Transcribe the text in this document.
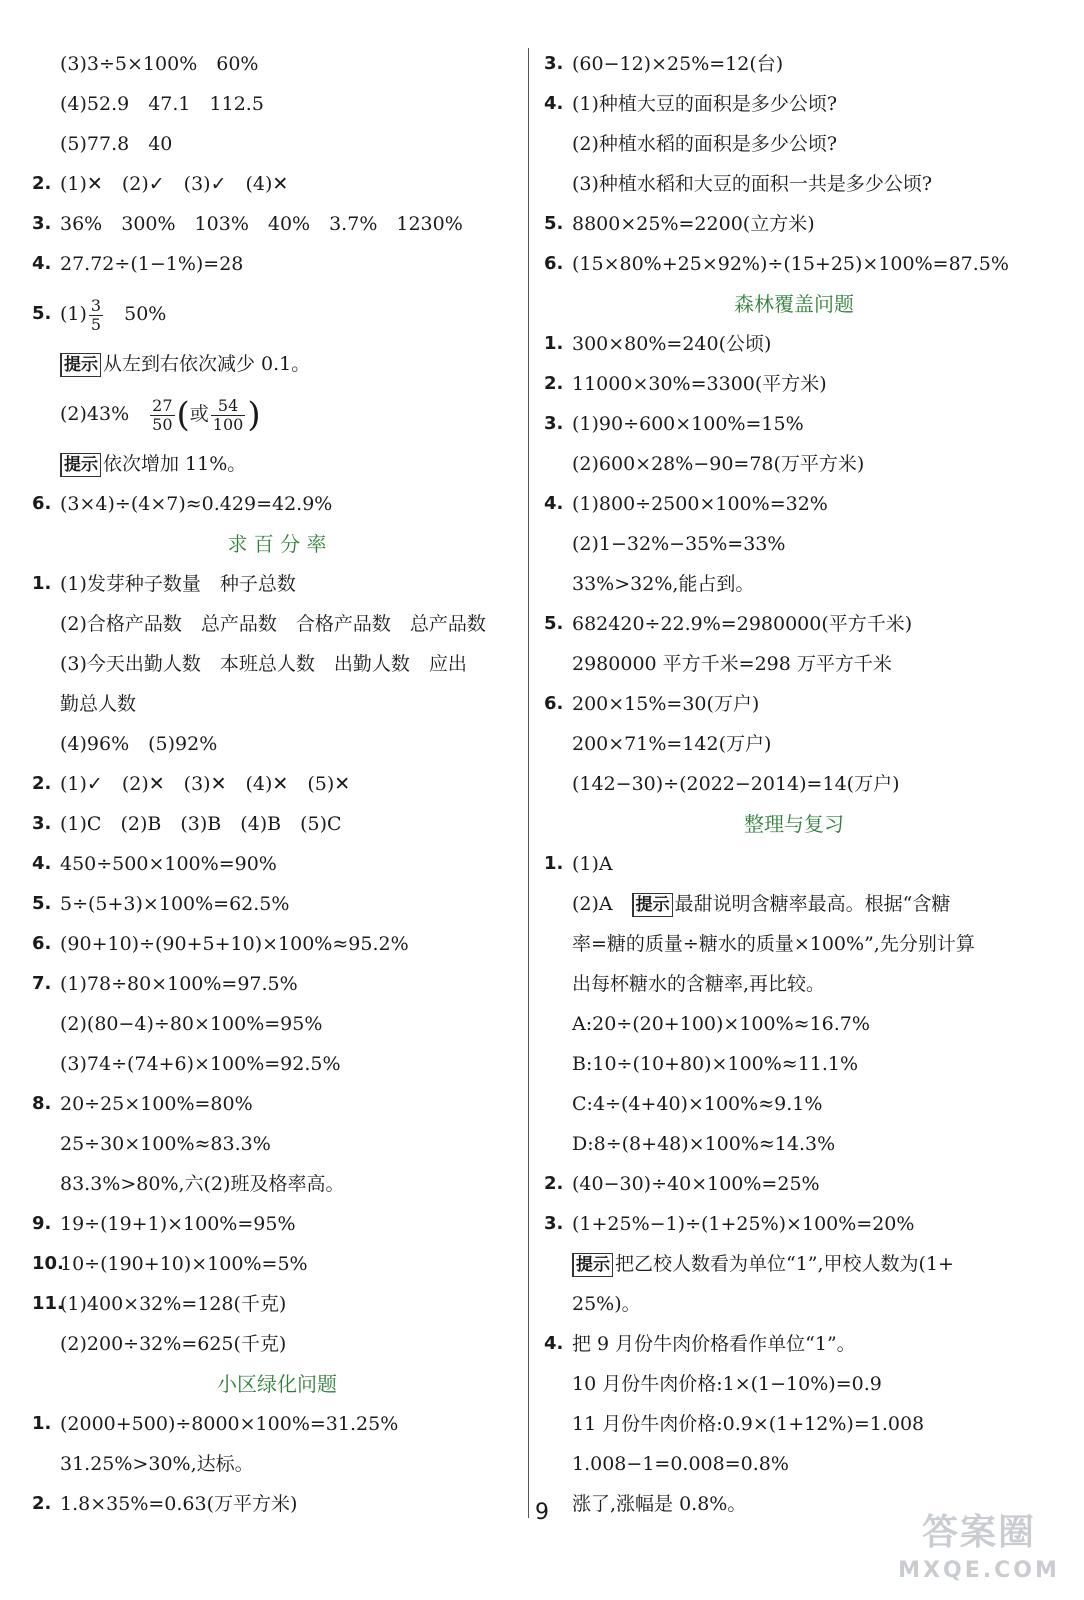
(3)3÷5×100%　60%
(4)52.9　47.1　112.5
(5)77.8　40
2. (1)✕　(2)✓　(3)✓　(4)✕
3. 36%　300%　103%　40%　3.7%　1230%
4. 27.72÷(1−1%)=28
5. $(1) \frac{3}{5}$ 　50%
提示 从左到右依次减少 0.1。
(2)43%　 $\frac{27}{50}$ (或 $\frac{54}{100}$ )
提示 依次增加 11%。
6. (3×4)÷(4×7)≈0.429=42.9%
求 百 分 率
1. (1)发芽种子数量　种子总数
(2)合格产品数　总产品数　合格产品数　总产品数
(3)今天出勤人数　本班总人数　出勤人数　应出
勤总人数
(4)96%　(5)92%
2. (1)✓　(2)✕　(3)✕　(4)✕　(5)✕
3. (1)C　(2)B　(3)B　(4)B　(5)C
4. 450÷500×100%=90%
5. 5÷(5+3)×100%=62.5%
6. (90+10)÷(90+5+10)×100%≈95.2%
7. (1)78÷80×100%=97.5%
(2)(80−4)÷80×100%=95%
(3)74÷(74+6)×100%=92.5%
8. 20÷25×100%=80%
25÷30×100%≈83.3%
83.3%>80%,六(2)班及格率高。
9. 19÷(19+1)×100%=95%
10.
10÷(190+10)×100%=5%
11.
(1)400×32%=128(千克)
(2)200÷32%=625(千克)
小区绿化问题
1. (2000+500)÷8000×100%=31.25%
31.25%>30%,达标。
2. 1.8×35%=0.63(万平方米)
3. (60−12)×25%=12(台)
4. (1)种植大豆的面积是多少公顷?
(2)种植水稻的面积是多少公顷?
(3)种植水稻和大豆的面积一共是多少公顷?
5. 8800×25%=2200(立方米)
6. (15×80%+25×92%)÷(15+25)×100%=87.5%
森林覆盖问题
1. 300×80%=240(公顷)
2. 11000×30%=3300(平方米)
3. (1)90÷600×100%=15%
(2)600×28%−90=78(万平方米)
4. (1)800÷2500×100%=32%
(2)1−32%−35%=33%
33%>32%,能占到。
5. 682420÷22.9%=2980000(平方千米)
2980000 平方千米=298 万平方千米
6. 200×15%=30(万户)
200×71%=142(万户)
(142−30)÷(2022−2014)=14(万户)
整理与复习
1. (1)A
(2)A　提示 最甜说明含糖率最高。根据“含糖
率=糖的质量÷糖水的质量×100%”,先分别计算
出每杯糖水的含糖率,再比较。
A:20÷(20+100)×100%≈16.7%
B:10÷(10+80)×100%≈11.1%
C:4÷(4+40)×100%≈9.1%
D:8÷(8+48)×100%≈14.3%
2. (40−30)÷40×100%=25%
3. (1+25%−1)÷(1+25%)×100%=20%
提示 把乙校人数看为单位“1”,甲校人数为(1+
25%)。
4. 把 9 月份牛肉价格看作单位“1”。
10 月份牛肉价格:1×(1−10%)=0.9
11 月份牛肉价格:0.9×(1+12%)=1.008
1.008−1=0.008=0.8%
涨了,涨幅是 0.8%。
9	答案圈
MXQE.COM
